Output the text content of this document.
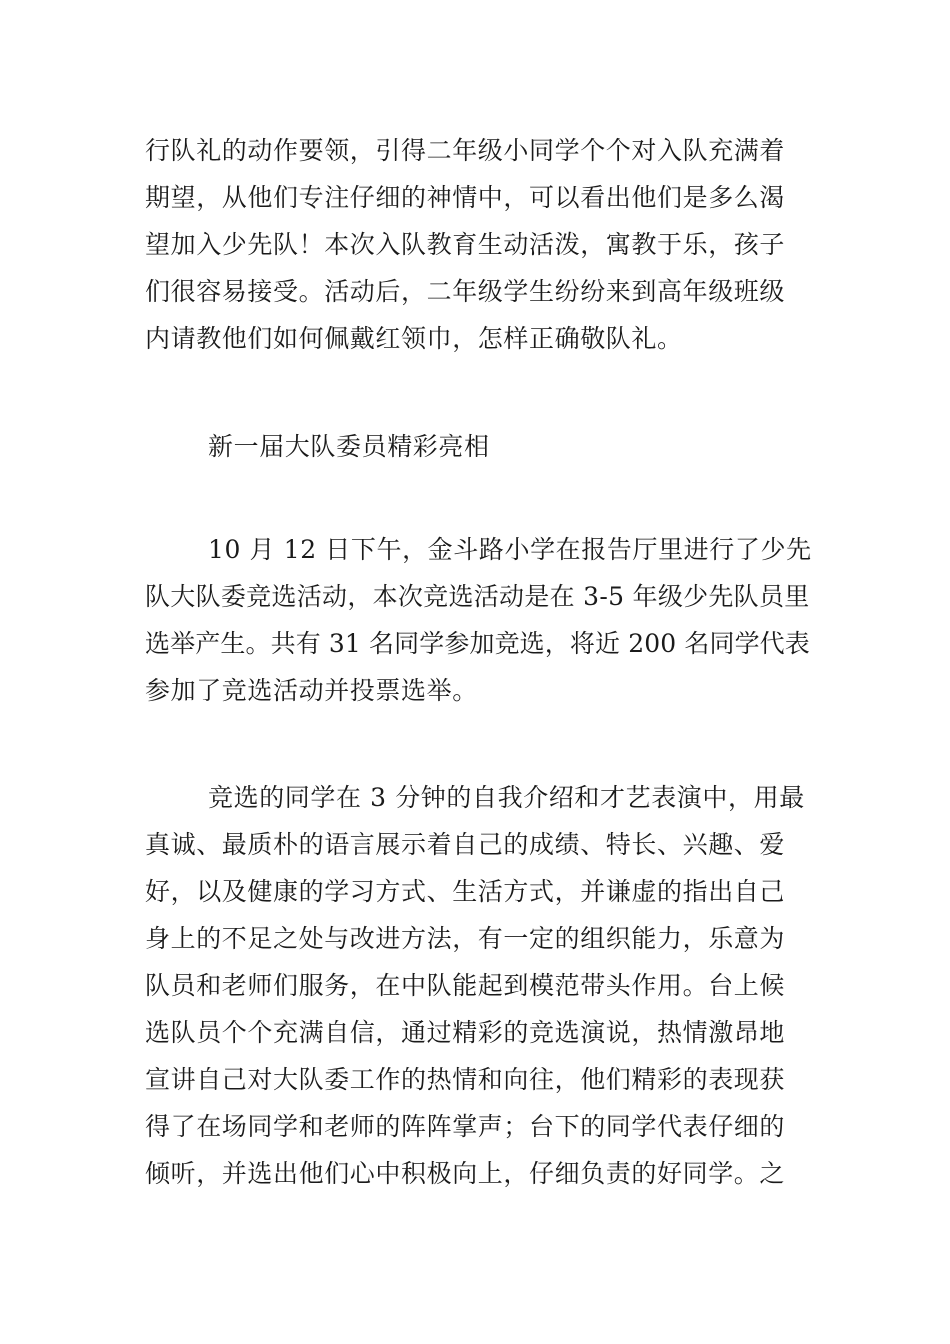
行队礼的动作要领，引得二年级小同学个个对入队充满着
期望，从他们专注仔细的神情中，可以看出他们是多么渴
望加入少先队！本次入队教育生动活泼，寓教于乐，孩子
们很容易接受。活动后，二年级学生纷纷来到高年级班级
内请教他们如何佩戴红领巾，怎样正确敬队礼。
新一届大队委员精彩亮相
10 月 12 日下午，金斗路小学在报告厅里进行了少先
队大队委竞选活动，本次竞选活动是在 3-5 年级少先队员里
选举产生。共有 31 名同学参加竞选，将近 200 名同学代表
参加了竞选活动并投票选举。
竞选的同学在 3 分钟的自我介绍和才艺表演中，用最
真诚、最质朴的语言展示着自己的成绩、特长、兴趣、爱
好，以及健康的学习方式、生活方式，并谦虚的指出自己
身上的不足之处与改进方法，有一定的组织能力，乐意为
队员和老师们服务，在中队能起到模范带头作用。台上候
选队员个个充满自信，通过精彩的竞选演说，热情激昂地
宣讲自己对大队委工作的热情和向往，他们精彩的表现获
得了在场同学和老师的阵阵掌声；台下的同学代表仔细的
倾听，并选出他们心中积极向上，仔细负责的好同学。之
